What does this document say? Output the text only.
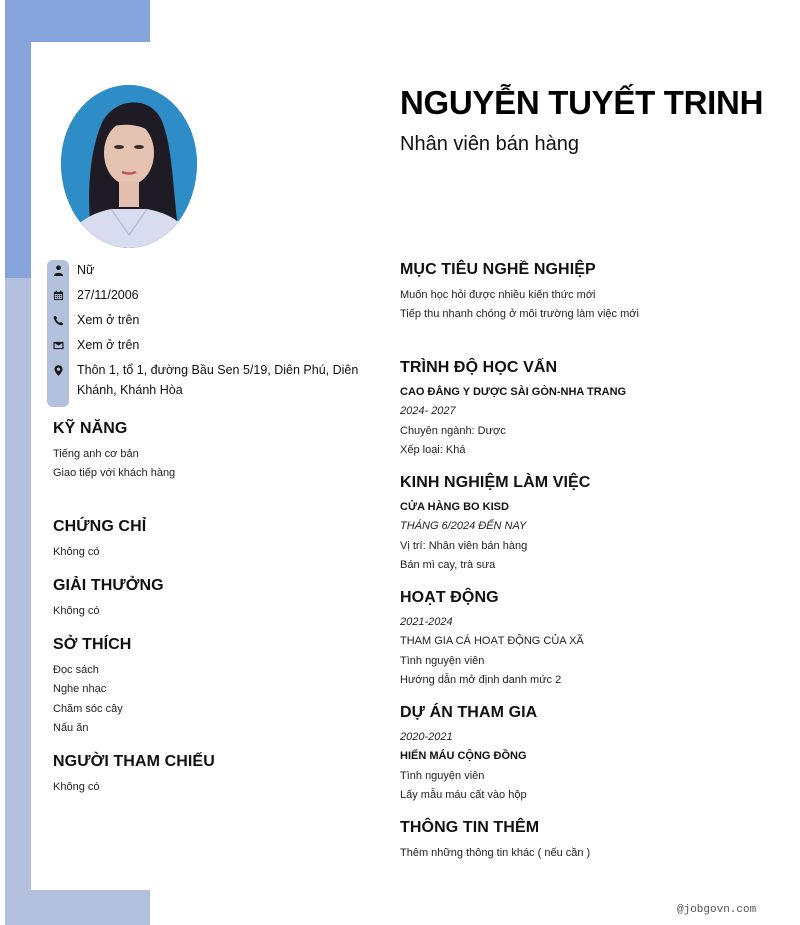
NGUYỄN TUYẾT TRINH
Nhân viên bán hàng
Nữ
27/11/2006
Xem ở trên
Xem ở trên
Thôn 1, tổ 1, đường Bầu Sen 5/19, Diên Phú, Diên Khánh, Khánh Hòa
KỸ NĂNG
Tiếng anh cơ bản
Giao tiếp với khách hàng
CHỨNG CHỈ
Không có
GIẢI THƯỞNG
Không có
SỞ THÍCH
Đọc sách
Nghe nhạc
Chăm sóc cây
Nấu ăn
NGƯỜI THAM CHIẾU
Không có
MỤC TIÊU NGHỀ NGHIỆP
Muốn học hỏi được nhiều kiến thức mới
Tiếp thu nhanh chóng ở môi trường làm việc mới
TRÌNH ĐỘ HỌC VẤN
CAO ĐẲNG Y DƯỢC SÀI GÒN-NHA TRANG
2024- 2027
Chuyên ngành: Dược
Xếp loại: Khá
KINH NGHIỆM LÀM VIỆC
CỬA HÀNG BO KISD
THÁNG 6/2024 ĐẾN NAY
Vị trí: Nhân viên bán hàng
Bán mì cay, trà sưa
HOẠT ĐỘNG
2021-2024
THAM GIA CÁ HOẠT ĐỘNG CỦA XÃ
Tình nguyện viên
Hướng dẫn mở định danh mức 2
DỰ ÁN THAM GIA
2020-2021
HIẾN MÁU CỘNG ĐỒNG
Tình nguyện viên
Lấy mẫu máu cất vào hộp
THÔNG TIN THÊM
Thêm những thông tin khác ( nếu cần )
@jobgovn.com
